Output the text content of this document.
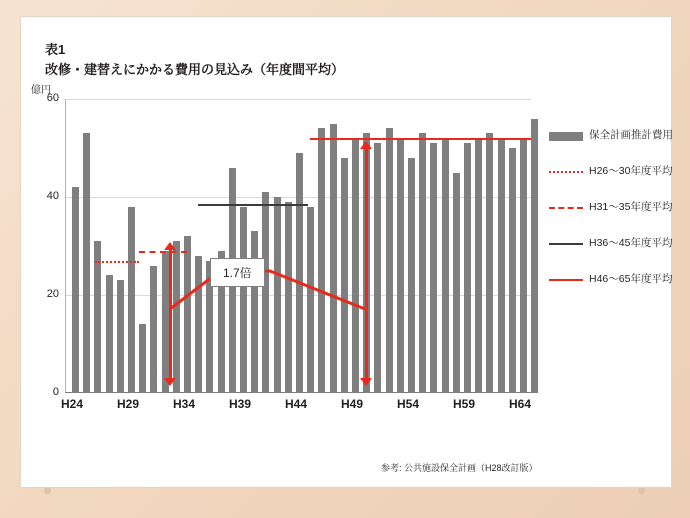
表1
改修・建替えにかかる費用の見込み（年度間平均）
億円
60
40
20
0
1.7倍
H24	H29	H34	H39	H44	H49	H54	H59	H64
保全計画推計費用
H26〜30年度平均
H31〜35年度平均
H36〜45年度平均
H46〜65年度平均
参考: 公共施設保全計画（H28改訂版）
